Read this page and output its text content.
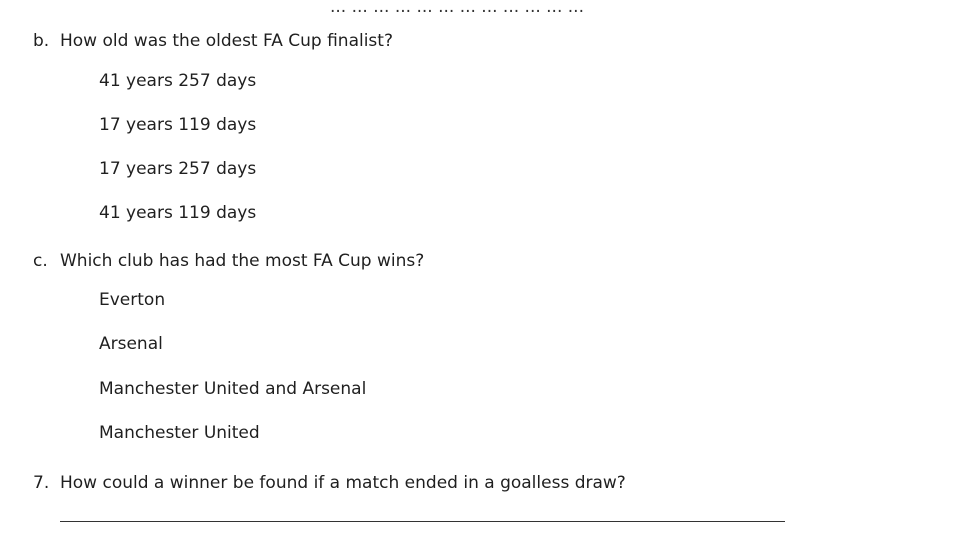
... ... ... ... ... ... ... ... ... ... ... ...
b. How old was the oldest FA Cup finalist?
41 years 257 days
17 years 119 days
17 years 257 days
41 years 119 days
c. Which club has had the most FA Cup wins?
Everton
Arsenal
Manchester United and Arsenal
Manchester United
7. How could a winner be found if a match ended in a goalless draw?
